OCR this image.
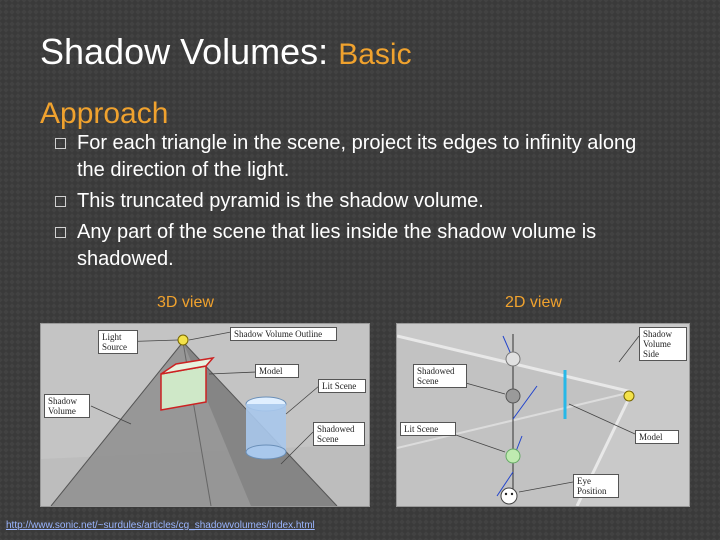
Shadow Volumes: Basic
Approach
For each triangle in the scene, project its edges to infinity along the direction of the light.
This truncated pyramid is the shadow volume.
Any part of the scene that lies inside the shadow volume is shadowed.
3D view	2D view
Light Source
Shadow Volume Outline
Model
Lit Scene
Shadow Volume
Shadowed Scene
Shadow Volume Side
Shadowed Scene
Lit Scene
Model
Eye Position
http://www.sonic.net/~surdules/articles/cg_shadowvolumes/index.html
